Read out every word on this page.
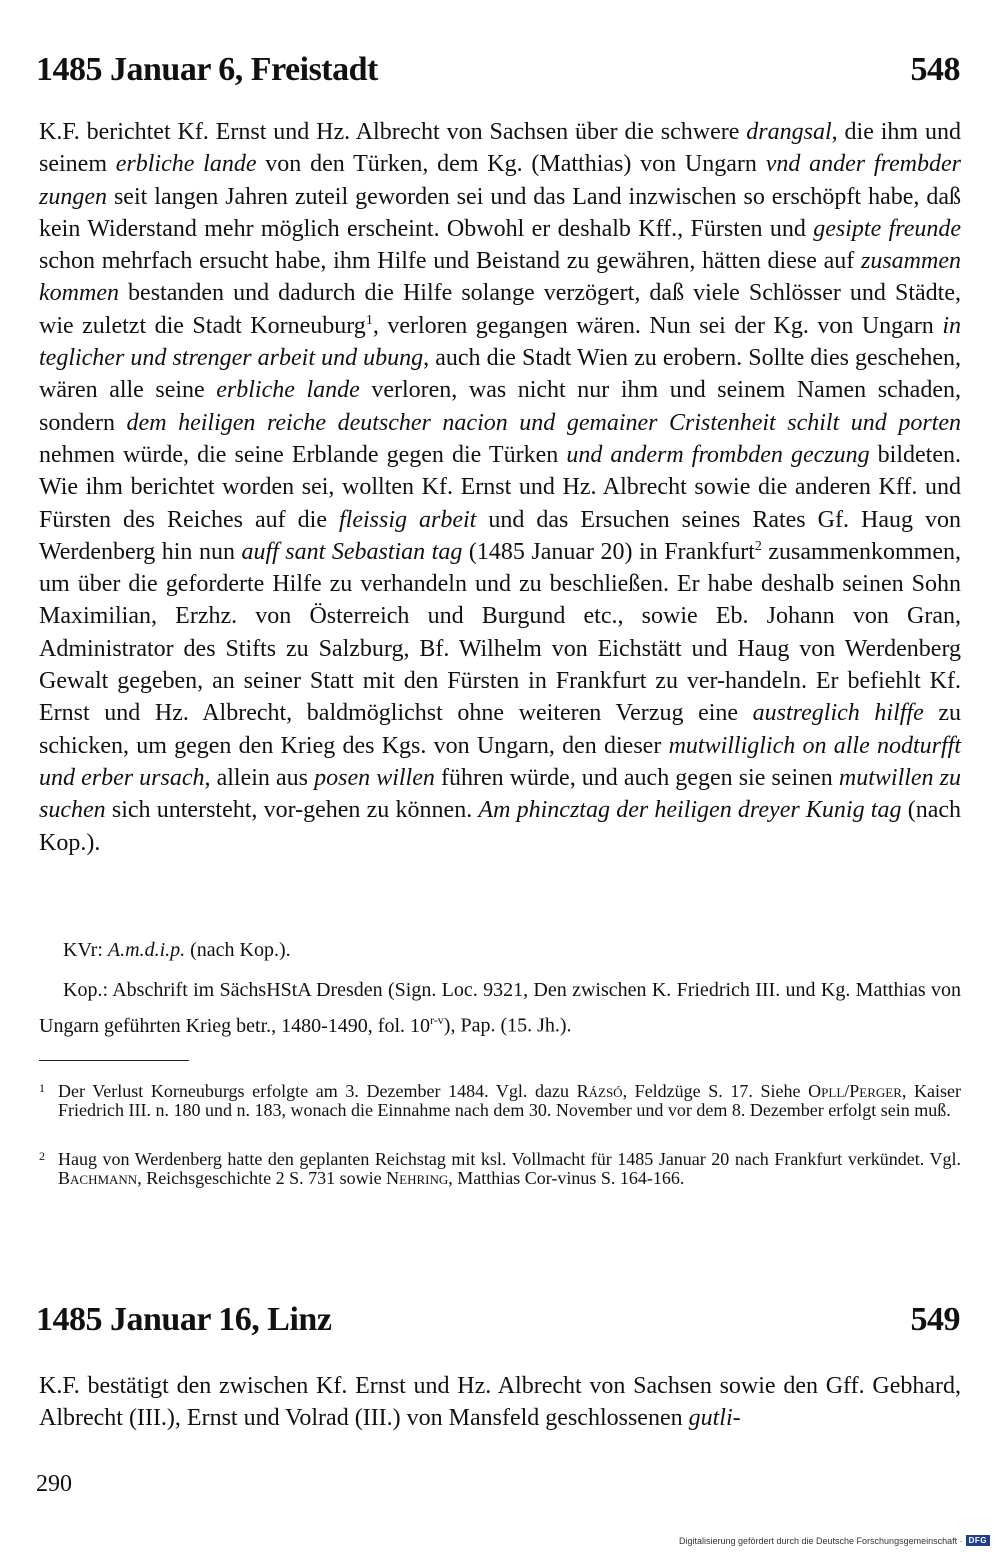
1485 Januar 6, Freistadt	548
K.F. berichtet Kf. Ernst und Hz. Albrecht von Sachsen über die schwere drangsal, die ihm und seinem erbliche lande von den Türken, dem Kg. (Matthias) von Ungarn vnd ander frembder zungen seit langen Jahren zuteil geworden sei und das Land inzwischen so erschöpft habe, daß kein Widerstand mehr möglich erscheint. Obwohl er deshalb Kff., Fürsten und gesipte freunde schon mehrfach ersucht habe, ihm Hilfe und Beistand zu gewähren, hätten diese auf zusammen kommen bestanden und dadurch die Hilfe solange verzögert, daß viele Schlösser und Städte, wie zuletzt die Stadt Korneuburg$^1$, verloren gegangen wären. Nun sei der Kg. von Ungarn in teglicher und strenger arbeit und ubung, auch die Stadt Wien zu erobern. Sollte dies geschehen, wären alle seine erbliche lande verloren, was nicht nur ihm und seinem Namen schaden, sondern dem heiligen reiche deutscher nacion und gemainer Cristenheit schilt und porten nehmen würde, die seine Erblande gegen die Türken und anderm frombden geczung bildeten. Wie ihm berichtet worden sei, wollten Kf. Ernst und Hz. Albrecht sowie die anderen Kff. und Fürsten des Reiches auf die fleissig arbeit und das Ersuchen seines Rates Gf. Haug von Werdenberg hin nun auff sant Sebastian tag (1485 Januar 20) in Frankfurt$^2$ zusammenkommen, um über die geforderte Hilfe zu verhandeln und zu beschließen. Er habe deshalb seinen Sohn Maximilian, Erzhz. von Österreich und Burgund etc., sowie Eb. Johann von Gran, Administrator des Stifts zu Salzburg, Bf. Wilhelm von Eichstätt und Haug von Werdenberg Gewalt gegeben, an seiner Statt mit den Fürsten in Frankfurt zu ver-handeln. Er befiehlt Kf. Ernst und Hz. Albrecht, baldmöglichst ohne weiteren Verzug eine austreglich hilffe zu schicken, um gegen den Krieg des Kgs. von Ungarn, den dieser mutwilliglich on alle nodturfft und erber ursach, allein aus posen willen führen würde, und auch gegen sie seinen mutwillen zu suchen sich untersteht, vor-gehen zu können. Am phincztag der heiligen dreyer Kunig tag (nach Kop.).
KVr: A.m.d.i.p. (nach Kop.).
Kop.: Abschrift im SächsHStA Dresden (Sign. Loc. 9321, Den zwischen K. Friedrich III. und Kg. Matthias von Ungarn geführten Krieg betr., 1480-1490, fol. 10$^{r-v}$), Pap. (15. Jh.).
1 Der Verlust Korneuburgs erfolgte am 3. Dezember 1484. Vgl. dazu Rázsó, Feldzüge S. 17. Siehe Opll/Perger, Kaiser Friedrich III. n. 180 und n. 183, wonach die Einnahme nach dem 30. November und vor dem 8. Dezember erfolgt sein muß.
2 Haug von Werdenberg hatte den geplanten Reichstag mit ksl. Vollmacht für 1485 Januar 20 nach Frankfurt verkündet. Vgl. Bachmann, Reichsgeschichte 2 S. 731 sowie Nehring, Matthias Cor-vinus S. 164-166.
1485 Januar 16, Linz	549
K.F. bestätigt den zwischen Kf. Ernst und Hz. Albrecht von Sachsen sowie den Gff. Gebhard, Albrecht (III.), Ernst und Volrad (III.) von Mansfeld geschlossenen gutli-
290
Digitalisierung gefördert durch die Deutsche Forschungsgemeinschaft · DFG
